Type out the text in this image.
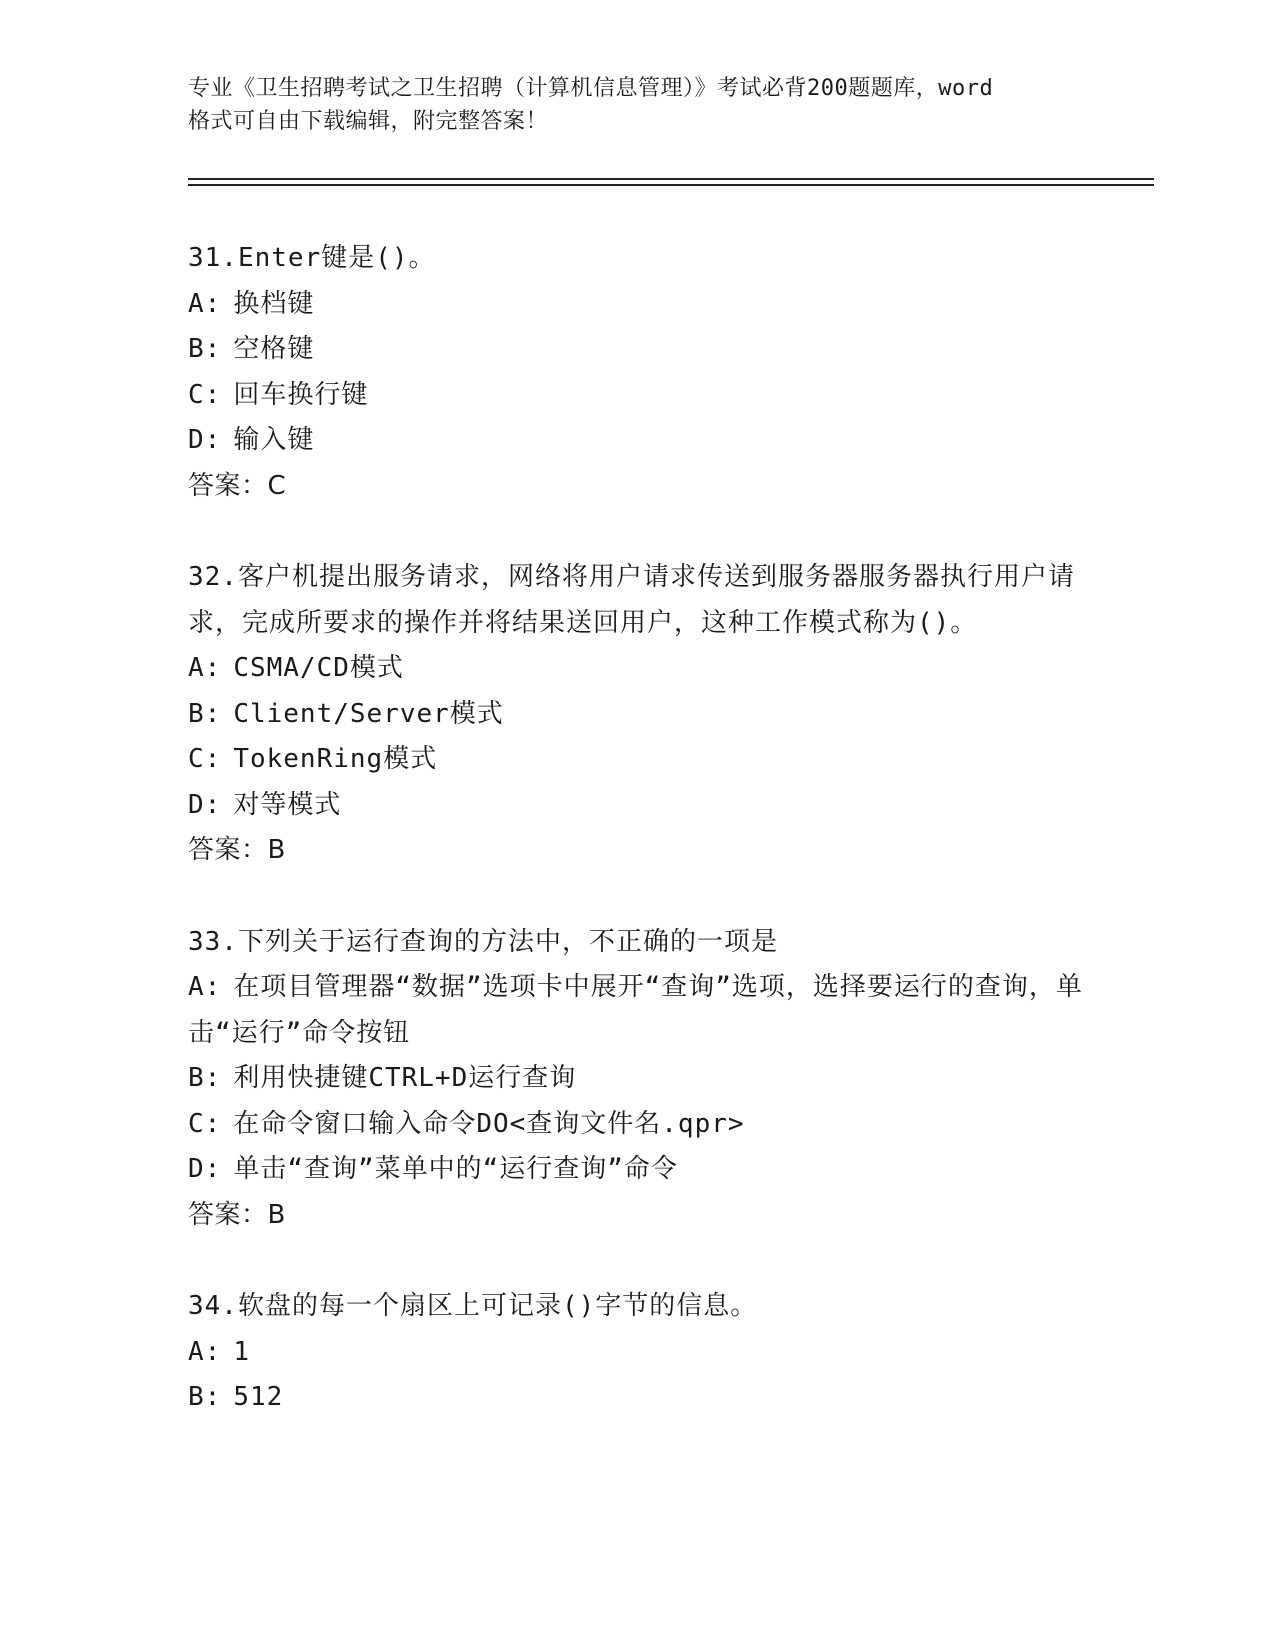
专业《卫生招聘考试之卫生招聘（计算机信息管理）》考试必背200题题库，word
格式可自由下载编辑，附完整答案！
31.Enter键是()。
A: 换档键
B: 空格键
C: 回车换行键
D: 输入键
答案：C
32.客户机提出服务请求，网络将用户请求传送到服务器服务器执行用户请求，完成所要求的操作并将结果送回用户，这种工作模式称为()。
A: CSMA/CD模式
B: Client/Server模式
C: TokenRing模式
D: 对等模式
答案：B
33.下列关于运行查询的方法中，不正确的一项是
A: 在项目管理器“数据”选项卡中展开“查询”选项，选择要运行的查询，单击“运行”命令按钮
B: 利用快捷键CTRL+D运行查询
C: 在命令窗口输入命令DO<查询文件名.qpr>
D: 单击“查询”菜单中的“运行查询”命令
答案：B
34.软盘的每一个扇区上可记录()字节的信息。
A: 1
B: 512
